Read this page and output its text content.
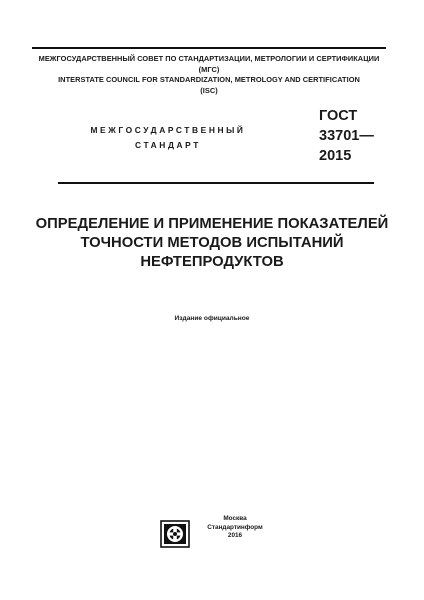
МЕЖГОСУДАРСТВЕННЫЙ СОВЕТ ПО СТАНДАРТИЗАЦИИ, МЕТРОЛОГИИ И СЕРТИФИКАЦИИ
(МГС)
INTERSTATE COUNCIL FOR STANDARDIZATION, METROLOGY AND CERTIFICATION
(ISC)
МЕЖГОСУДАРСТВЕННЫЙ
СТАНДАРТ
ГОСТ
33701—
2015
ОПРЕДЕЛЕНИЕ И ПРИМЕНЕНИЕ ПОКАЗАТЕЛЕЙ
ТОЧНОСТИ МЕТОДОВ ИСПЫТАНИЙ
НЕФТЕПРОДУКТОВ
Издание официальное
Москва
Стандартинформ
2016
